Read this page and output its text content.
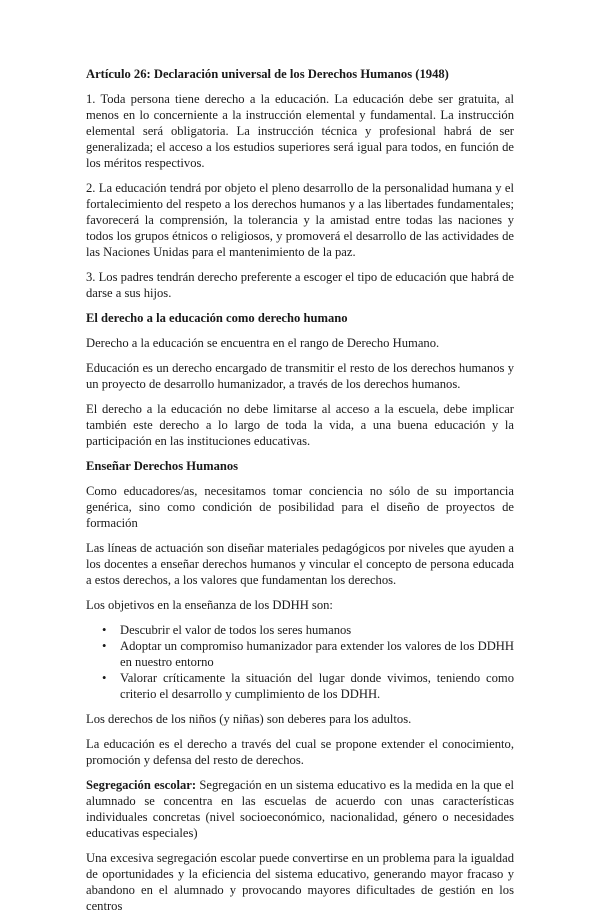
Artículo 26: Declaración universal de los Derechos Humanos (1948)

1. Toda persona tiene derecho a la educación. La educación debe ser gratuita, al menos en lo concerniente a la instrucción elemental y fundamental. La instrucción elemental será obligatoria. La instrucción técnica y profesional habrá de ser generalizada; el acceso a los estudios superiores será igual para todos, en función de los méritos respectivos.

2. La educación tendrá por objeto el pleno desarrollo de la personalidad humana y el fortalecimiento del respeto a los derechos humanos y a las libertades fundamentales; favorecerá la comprensión, la tolerancia y la amistad entre todas las naciones y todos los grupos étnicos o religiosos, y promoverá el desarrollo de las actividades de las Naciones Unidas para el mantenimiento de la paz.

3. Los padres tendrán derecho preferente a escoger el tipo de educación que habrá de darse a sus hijos.

El derecho a la educación como derecho humano

Derecho a la educación se encuentra en el rango de Derecho Humano.

Educación es un derecho encargado de transmitir el resto de los derechos humanos y un proyecto de desarrollo humanizador, a través de los derechos humanos.

El derecho a la educación no debe limitarse al acceso a la escuela, debe implicar también este derecho a lo largo de toda la vida, a una buena educación y la participación en las instituciones educativas.

Enseñar Derechos Humanos

Como educadores/as, necesitamos tomar conciencia no sólo de su importancia genérica, sino como condición de posibilidad para el diseño de proyectos de formación

Las líneas de actuación son diseñar materiales pedagógicos por niveles que ayuden a los docentes a enseñar derechos humanos y vincular el concepto de persona educada a estos derechos, a los valores que fundamentan los derechos.

Los objetivos en la enseñanza de los DDHH son:

• Descubrir el valor de todos los seres humanos
• Adoptar un compromiso humanizador para extender los valores de los DDHH en nuestro entorno
• Valorar críticamente la situación del lugar donde vivimos, teniendo como criterio el desarrollo y cumplimiento de los DDHH.

Los derechos de los niños (y niñas) son deberes para los adultos.

La educación es el derecho a través del cual se propone extender el conocimiento, promoción y defensa del resto de derechos.

Segregación escolar: Segregación en un sistema educativo es la medida en la que el alumnado se concentra en las escuelas de acuerdo con unas características individuales concretas (nivel socioeconómico, nacionalidad, género o necesidades educativas especiales)

Una excesiva segregación escolar puede convertirse en un problema para la igualdad de oportunidades y la eficiencia del sistema educativo, generando mayor fracaso y abandono en el alumnado y provocando mayores dificultades de gestión en los centros
